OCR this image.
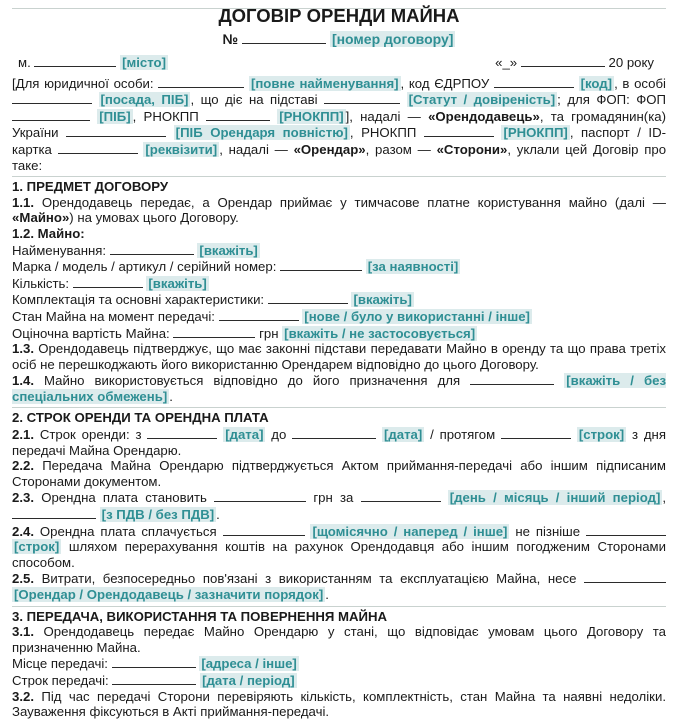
ДОГОВІР ОРЕНДИ МАЙНА
№	[номер договору]
м.	[місто]	«_»	20 року

[Для юридичної особи:	[повне найменування] , код ЄДРПОУ	[код] , в особі  [посада, ПІБ] , що діє на підставі	[Статут / довіреність] ; для ФОП: ФОП  [ПІБ] , РНОКПП	[РНОКПП] ], надалі — «Орендодавець», та громадянин(ка) України	[ПІБ Орендаря повністю] , РНОКПП	[РНОКПП] , паспорт / ID-картка	[реквізити] , надалі — «Орендар», разом — «Сторони», уклали цей Договір про таке:

1. ПРЕДМЕТ ДОГОВОРУ

1.1. Орендодавець передає, а Орендар приймає у тимчасове платне користування майно (далі — «Майно») на умовах цього Договору.

1.2. Майно:
Найменування:	[вкажіть]
Марка / модель / артикул / серійний номер:	[за наявності]
Кількість:	[вкажіть]
Комплектація та основні характеристики:	[вкажіть]
Стан Майна на момент передачі:	[нове / було у використанні / інше]
Оціночна вартість Майна:	грн [вкажіть / не застосовується]

1.3. Орендодавець підтверджує, що має законні підстави передавати Майно в оренду та що права третіх осіб не перешкоджають його використанню Орендарем відповідно до цього Договору.

1.4. Майно використовується відповідно до його призначення для	[вкажіть / без спеціальних обмежень] .

2. СТРОК ОРЕНДИ ТА ОРЕНДНА ПЛАТА

2.1. Строк оренди: з	[дата] до	[дата] / протягом	[строк] з дня передачі Майна Орендарю.

2.2. Передача Майна Орендарю підтверджується Актом приймання-передачі або іншим підписаним Сторонами документом.

2.3. Орендна плата становить	грн за	[день / місяць / інший період] ,  [з ПДВ / без ПДВ] .

2.4. Орендна плата сплачується	[щомісячно / наперед / інше] не пізніше  [строк] шляхом перерахування коштів на рахунок Орендодавця або іншим погодженим Сторонами способом.

2.5. Витрати, безпосередньо пов'язані з використанням та експлуатацією Майна, несе  [Орендар / Орендодавець / зазначити порядок] .

3. ПЕРЕДАЧА, ВИКОРИСТАННЯ ТА ПОВЕРНЕННЯ МАЙНА

3.1. Орендодавець передає Майно Орендарю у стані, що відповідає умовам цього Договору та призначенню Майна.

Місце передачі:	[адреса / інше]
Строк передачі:	[дата / період]

3.2. Під час передачі Сторони перевіряють кількість, комплектність, стан Майна та наявні недоліки. Зауваження фіксуються в Акті приймання-передачі.
